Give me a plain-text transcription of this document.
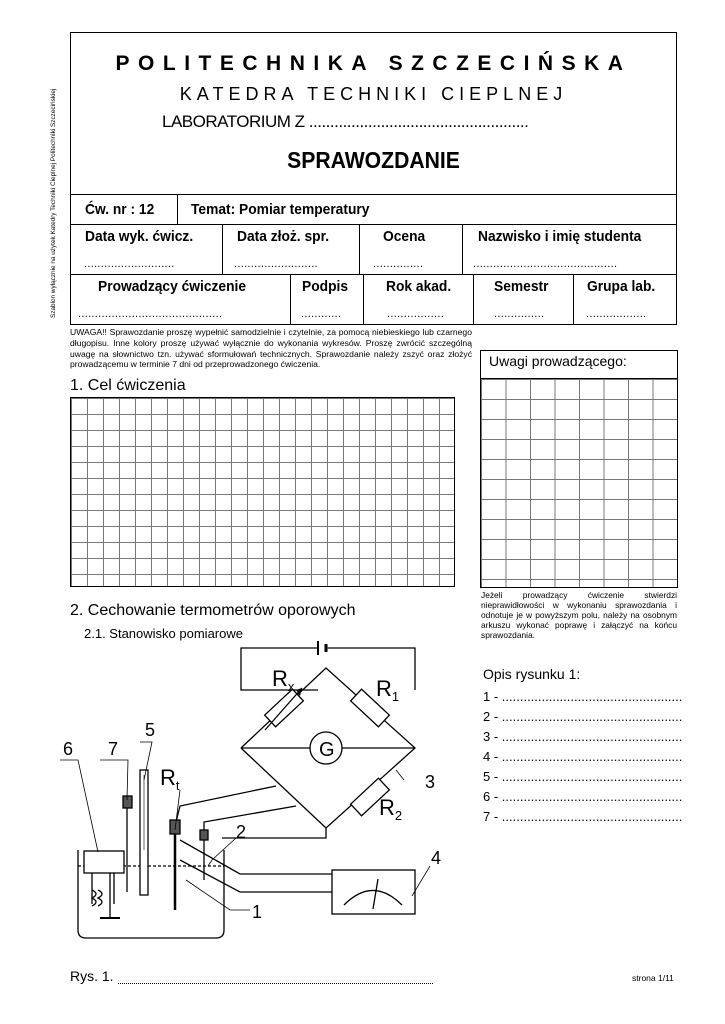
Szablon wyłącznie na użytek Katedry Techniki Cieplnej Politechniki Szczecińskiej
POLITECHNIKA SZCZECIŃSKA
KATEDRA TECHNIKI CIEPLNEJ
LABORATORIUM Z ....................................................
SPRAWOZDANIE
Ćw. nr : 12 Temat: Pomiar temperatury
Data wyk. ćwicz.
...........................
Data złoż. spr.
.........................
Ocena
...............
Nazwisko i imię studenta
...........................................
Prowadzący ćwiczenie
...........................................
Podpis
............
Rok akad.
.................
Semestr
...............
Grupa lab.
..................
UWAGA!! Sprawozdanie proszę wypełnić samodzielnie i czytelnie, za pomocą niebieskiego lub czarnego długopisu. Inne kolory proszę używać wyłącznie do wykonania wykresów. Proszę zwrócić szczególną uwagę na słownictwo tzn. używać sformułowań technicznych. Sprawozdanie należy zszyć oraz złożyć prowadzącemu w terminie 7 dni od przeprowadzonego ćwiczenia.
1. Cel ćwiczenia
Uwagi prowadzącego:
Jeżeli prowadzący ćwiczenie stwierdzi nieprawidłowości w wykonaniu sprawozdania i odnotuje je w powyższym polu, należy na osobnym arkuszu wykonać poprawę i załączyć na końcu sprawozdania.
2. Cechowanie termometrów oporowych
2.1. Stanowisko pomiarowe
$R_x$	$R_1$
$R_2$
$R_t$
G
1
2
3
4
5
6 7
Opis rysunku 1:
1 - ..................................................
2 - ..................................................
3 - ..................................................
4 - ..................................................
5 - ..................................................
6 - ..................................................
7 - ..................................................
Rys. 1.	strona 1/11
